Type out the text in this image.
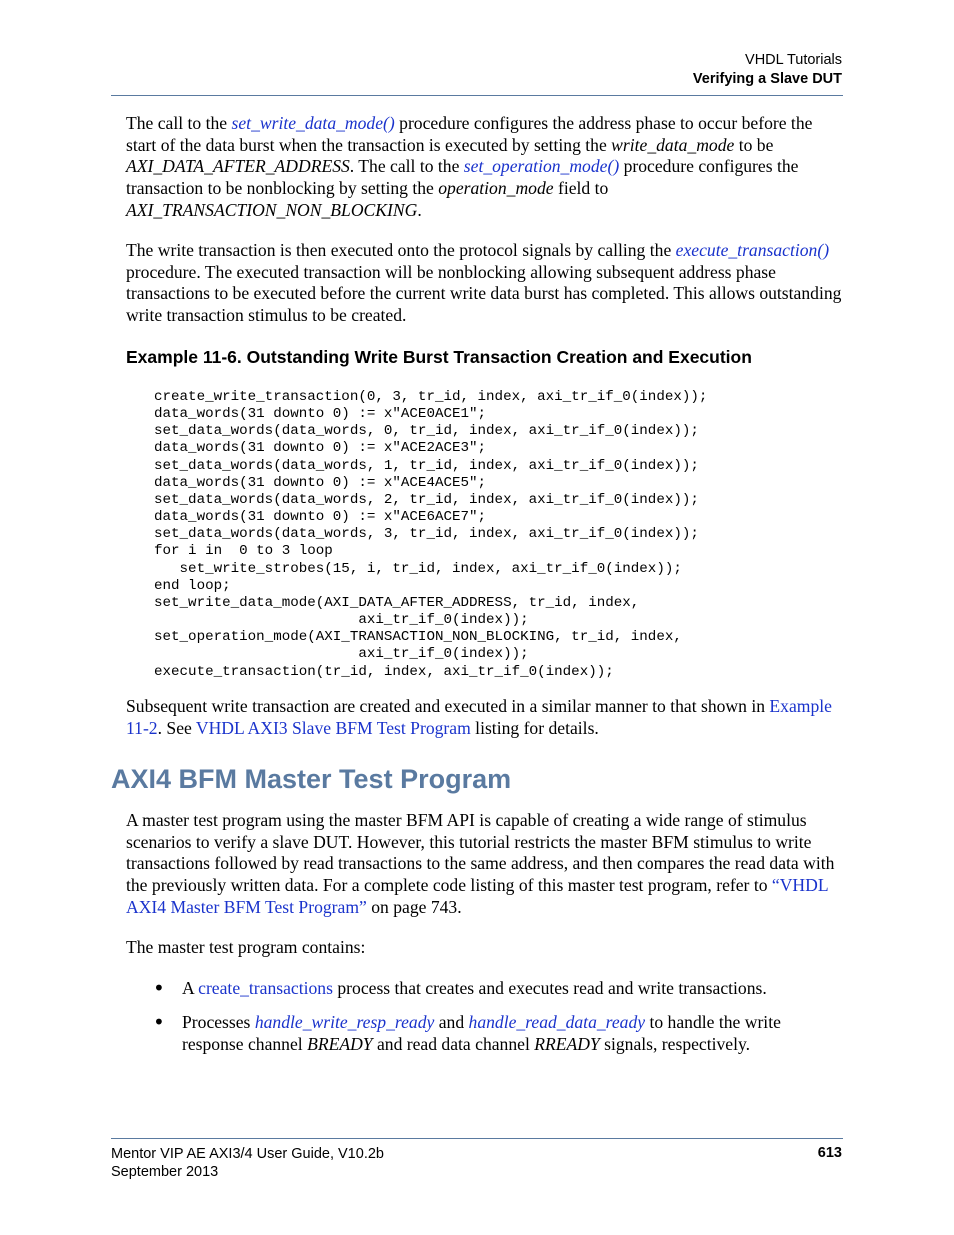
VHDL Tutorials
Verifying a Slave DUT

The call to the set_write_data_mode() procedure configures the address phase to occur before the start of the data burst when the transaction is executed by setting the write_data_mode to be AXI_DATA_AFTER_ADDRESS. The call to the set_operation_mode() procedure configures the transaction to be nonblocking by setting the operation_mode field to
AXI_TRANSACTION_NON_BLOCKING.

The write transaction is then executed onto the protocol signals by calling the execute_transaction() procedure. The executed transaction will be nonblocking allowing subsequent address phase transactions to be executed before the current write data burst has completed. This allows outstanding write transaction stimulus to be created.

Example 11-6. Outstanding Write Burst Transaction Creation and Execution
create_write_transaction(0, 3, tr_id, index, axi_tr_if_0(index));
data_words(31 downto 0) := x"ACE0ACE1";
set_data_words(data_words, 0, tr_id, index, axi_tr_if_0(index));
data_words(31 downto 0) := x"ACE2ACE3";
set_data_words(data_words, 1, tr_id, index, axi_tr_if_0(index));
data_words(31 downto 0) := x"ACE4ACE5";
set_data_words(data_words, 2, tr_id, index, axi_tr_if_0(index));
data_words(31 downto 0) := x"ACE6ACE7";
set_data_words(data_words, 3, tr_id, index, axi_tr_if_0(index));
for i in  0 to 3 loop
set_write_strobes(15, i, tr_id, index, axi_tr_if_0(index));
end loop;
set_write_data_mode(AXI_DATA_AFTER_ADDRESS, tr_id, index,
axi_tr_if_0(index));
set_operation_mode(AXI_TRANSACTION_NON_BLOCKING, tr_id, index,
axi_tr_if_0(index));
execute_transaction(tr_id, index, axi_tr_if_0(index));

Subsequent write transaction are created and executed in a similar manner to that shown in Example 11-2. See VHDL AXI3 Slave BFM Test Program listing for details.

AXI4 BFM Master Test Program

A master test program using the master BFM API is capable of creating a wide range of stimulus scenarios to verify a slave DUT. However, this tutorial restricts the master BFM stimulus to write transactions followed by read transactions to the same address, and then compares the read data with the previously written data. For a complete code listing of this master test program, refer to “VHDL AXI4 Master BFM Test Program” on page 743.

The master test program contains:
• A create_transactions process that creates and executes read and write transactions.
• Processes handle_write_resp_ready and handle_read_data_ready to handle the write response channel BREADY and read data channel RREADY signals, respectively.
Mentor VIP AE AXI3/4 User Guide, V10.2b
September 2013
613
